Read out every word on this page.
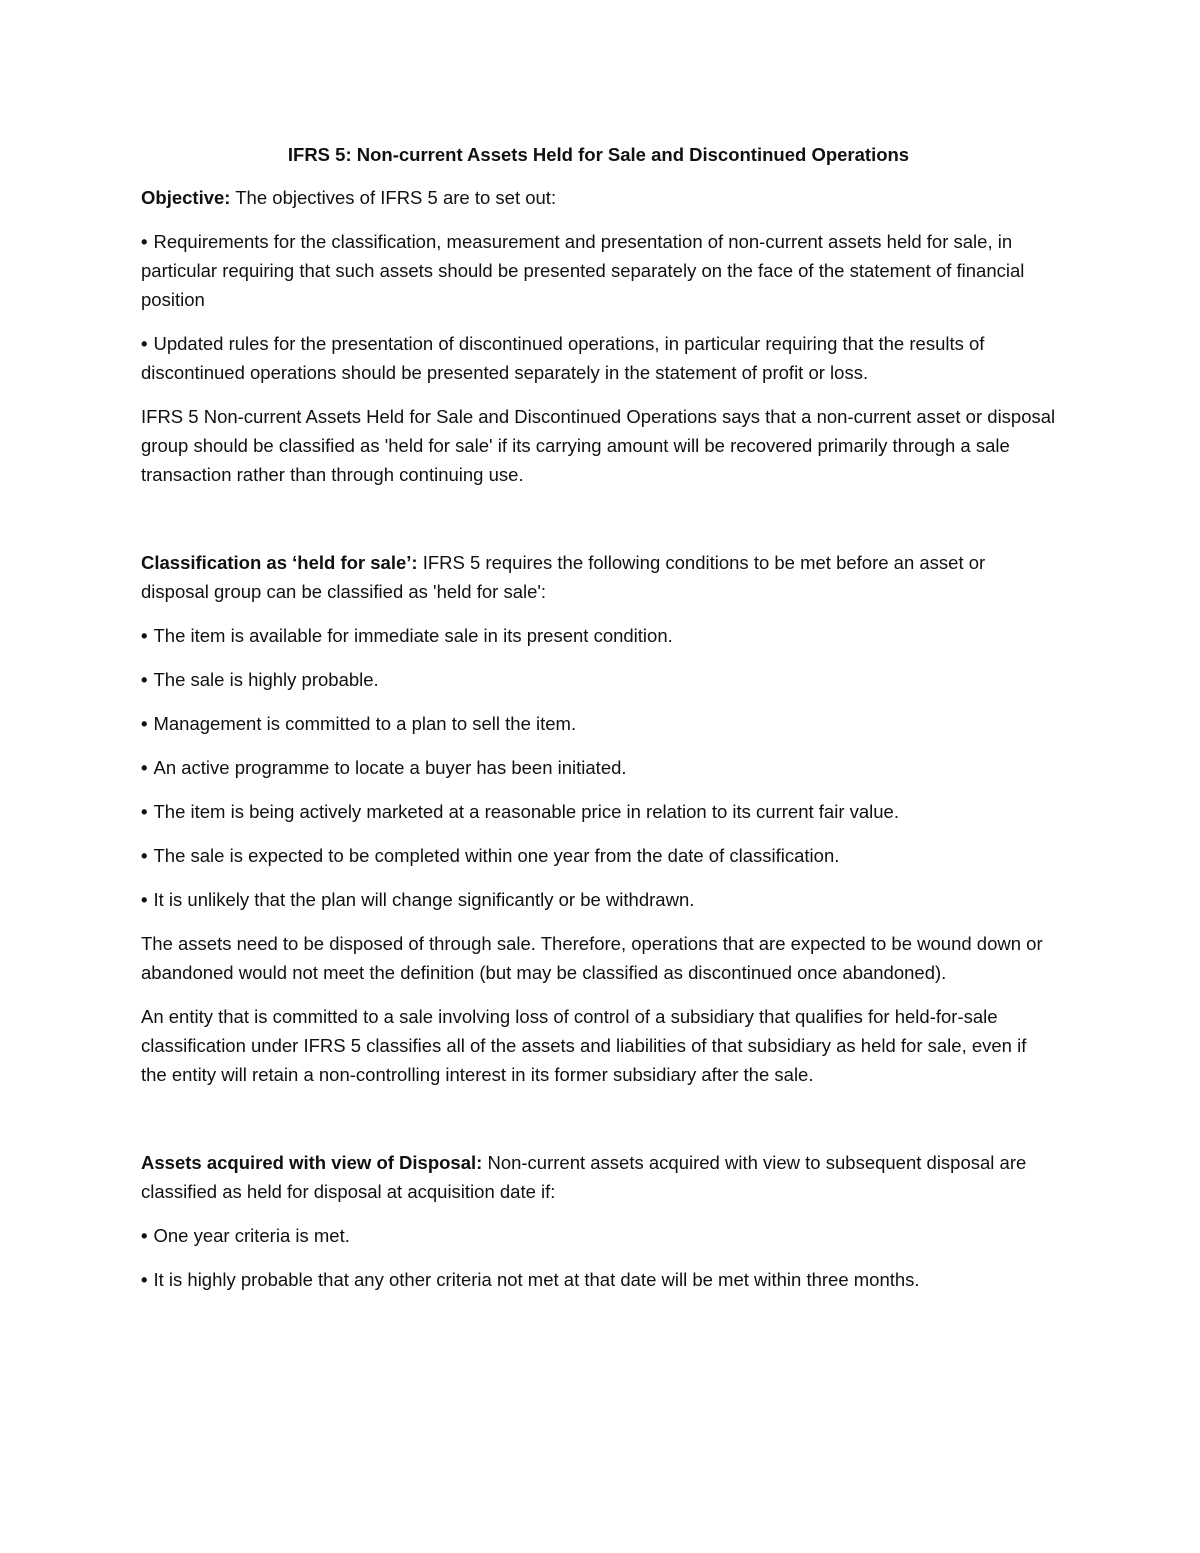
IFRS 5: Non-current Assets Held for Sale and Discontinued Operations

Objective: The objectives of IFRS 5 are to set out:

• Requirements for the classification, measurement and presentation of non-current assets held for sale, in particular requiring that such assets should be presented separately on the face of the statement of financial position

• Updated rules for the presentation of discontinued operations, in particular requiring that the results of discontinued operations should be presented separately in the statement of profit or loss.

IFRS 5 Non-current Assets Held for Sale and Discontinued Operations says that a non-current asset or disposal group should be classified as 'held for sale' if its carrying amount will be recovered primarily through a sale transaction rather than through continuing use.

Classification as ‘held for sale’: IFRS 5 requires the following conditions to be met before an asset or disposal group can be classified as 'held for sale':

• The item is available for immediate sale in its present condition.

• The sale is highly probable.

• Management is committed to a plan to sell the item.

• An active programme to locate a buyer has been initiated.

• The item is being actively marketed at a reasonable price in relation to its current fair value.

• The sale is expected to be completed within one year from the date of classification.

• It is unlikely that the plan will change significantly or be withdrawn.

The assets need to be disposed of through sale. Therefore, operations that are expected to be wound down or abandoned would not meet the definition (but may be classified as discontinued once abandoned).

An entity that is committed to a sale involving loss of control of a subsidiary that qualifies for held-for-sale classification under IFRS 5 classifies all of the assets and liabilities of that subsidiary as held for sale, even if the entity will retain a non-controlling interest in its former subsidiary after the sale.

Assets acquired with view of Disposal: Non-current assets acquired with view to subsequent disposal are classified as held for disposal at acquisition date if:

• One year criteria is met.

• It is highly probable that any other criteria not met at that date will be met within three months.
